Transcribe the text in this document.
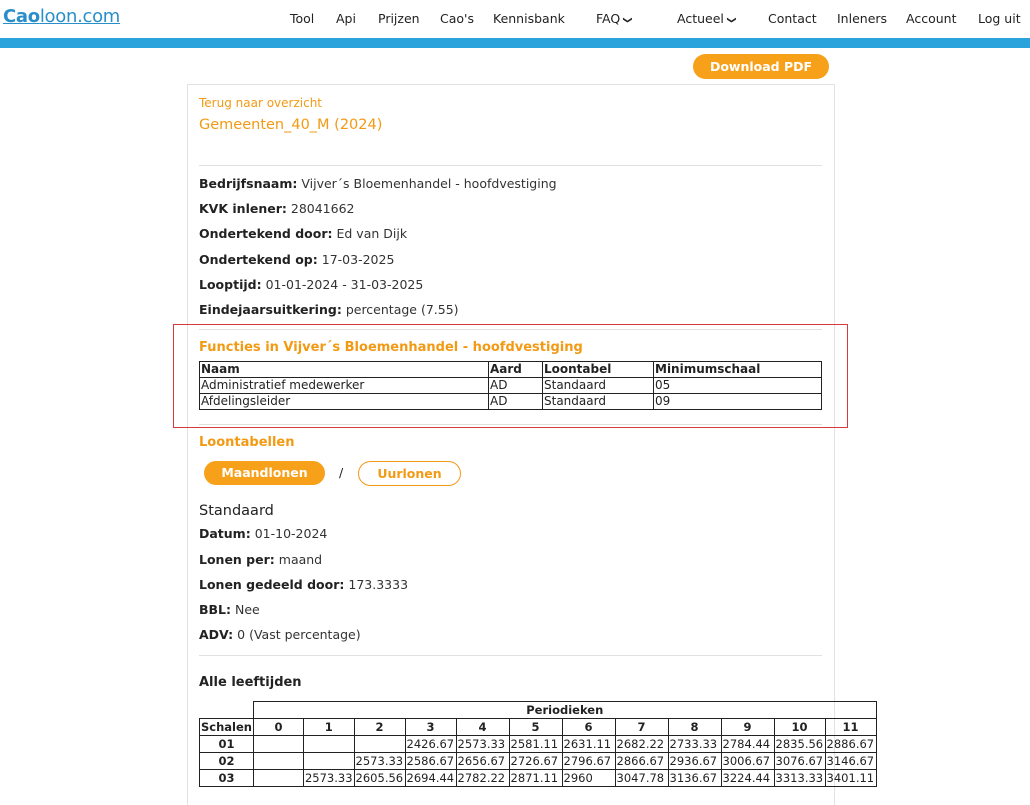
Caoloon.com	Tool Api Prijzen Cao's Kennisbank FAQ ❯	Actueel ❯	Contact Inleners Account Log uit
Download PDF
Terug naar overzicht
Gemeenten_40_M (2024)
Bedrijfsnaam: Vijver´s Bloemenhandel - hoofdvestiging
KVK inlener: 28041662
Ondertekend door: Ed van Dijk
Ondertekend op: 17-03-2025
Looptijd: 01-01-2024 - 31-03-2025
Eindejaarsuitkering: percentage (7.55)
Functies in Vijver´s Bloemenhandel - hoofdvestiging
Naam	Aard	Loontabel	Minimumschaal
Administratief medewerker	AD	Standaard	05
Afdelingsleider	AD	Standaard	09
Loontabellen
Maandlonen	/	Uurlonen
Standaard
Datum: 01-10-2024
Lonen per: maand
Lonen gedeeld door: 173.3333
BBL: Nee
ADV: 0 (Vast percentage)
Alle leeftijden
	Periodieken											
Schalen	0	1	2	3	4	5	6	7	8	9	10	11
01				2426.67	2573.33	2581.11	2631.11	2682.22	2733.33	2784.44	2835.56	2886.67
02			2573.33	2586.67	2656.67	2726.67	2796.67	2866.67	2936.67	3006.67	3076.67	3146.67
03		2573.33	2605.56	2694.44	2782.22	2871.11	2960	3047.78	3136.67	3224.44	3313.33	3401.11
